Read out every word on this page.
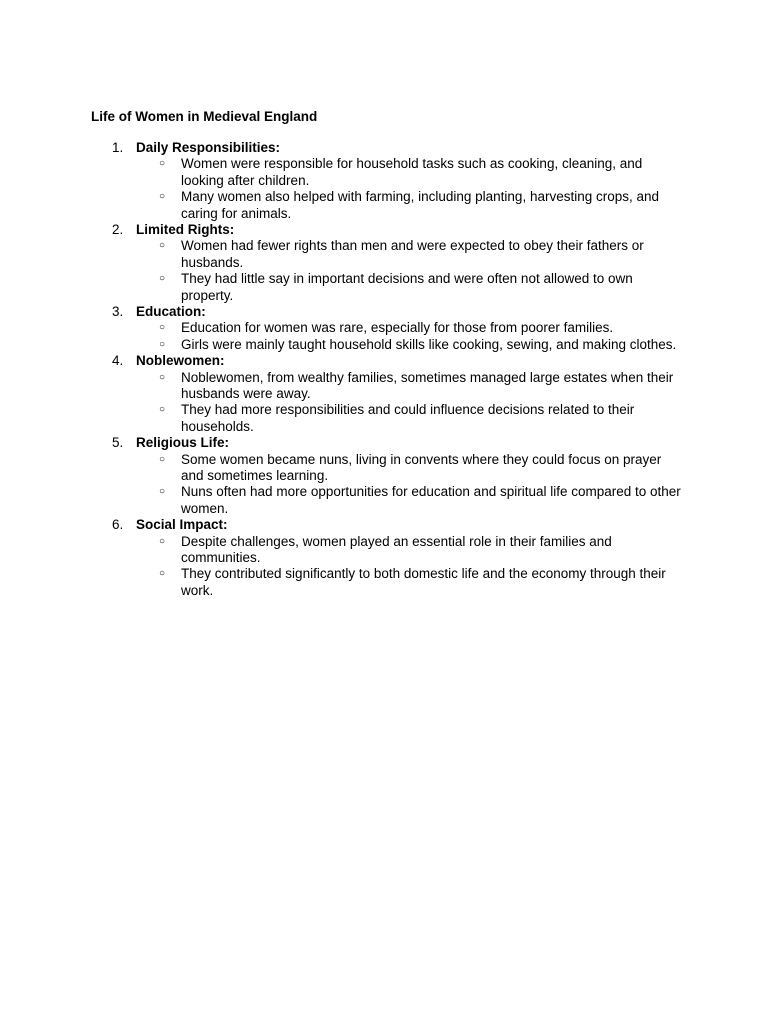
Life of Women in Medieval England
1. Daily Responsibilities:
○ Women were responsible for household tasks such as cooking, cleaning, and looking after children.
○ Many women also helped with farming, including planting, harvesting crops, and caring for animals.
2. Limited Rights:
○ Women had fewer rights than men and were expected to obey their fathers or husbands.
○ They had little say in important decisions and were often not allowed to own property.
3. Education:
○ Education for women was rare, especially for those from poorer families.
○ Girls were mainly taught household skills like cooking, sewing, and making clothes.
4. Noblewomen:
○ Noblewomen, from wealthy families, sometimes managed large estates when their husbands were away.
○ They had more responsibilities and could influence decisions related to their households.
5. Religious Life:
○ Some women became nuns, living in convents where they could focus on prayer and sometimes learning.
○ Nuns often had more opportunities for education and spiritual life compared to other women.
6. Social Impact:
○ Despite challenges, women played an essential role in their families and communities.
○ They contributed significantly to both domestic life and the economy through their work.
